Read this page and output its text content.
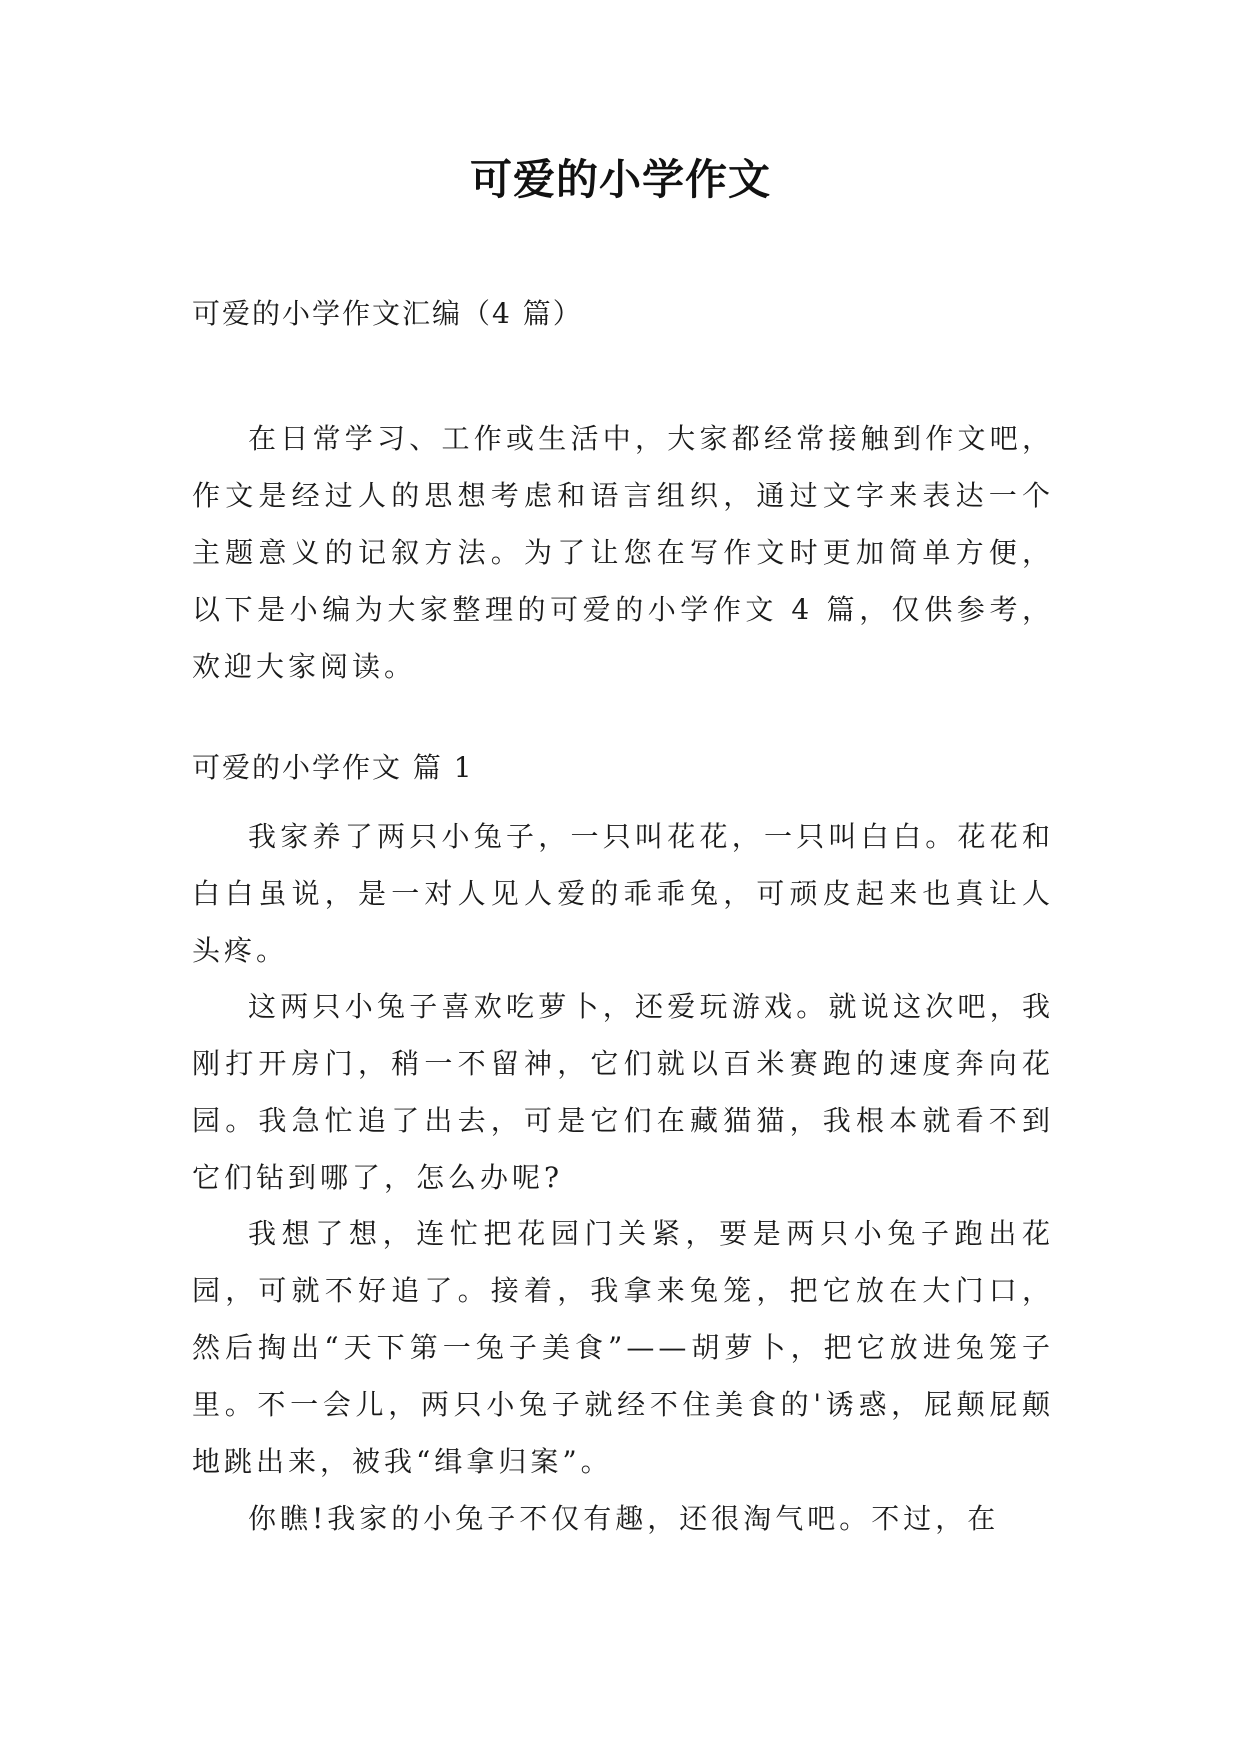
可爱的小学作文
可爱的小学作文汇编（4 篇）
在日常学习、工作或生活中，大家都经常接触到作文吧，作文是经过人的思想考虑和语言组织，通过文字来表达一个主题意义的记叙方法。为了让您在写作文时更加简单方便，以下是小编为大家整理的可爱的小学作文 4 篇，仅供参考，欢迎大家阅读。
可爱的小学作文 篇 1
我家养了两只小兔子，一只叫花花，一只叫白白。花花和白白虽说，是一对人见人爱的乖乖兔，可顽皮起来也真让人头疼。
这两只小兔子喜欢吃萝卜，还爱玩游戏。就说这次吧，我刚打开房门，稍一不留神，它们就以百米赛跑的速度奔向花园。我急忙追了出去，可是它们在藏猫猫，我根本就看不到它们钻到哪了，怎么办呢?
我想了想，连忙把花园门关紧，要是两只小兔子跑出花园，可就不好追了。接着，我拿来兔笼，把它放在大门口，然后掏出“天下第一兔子美食”——胡萝卜，把它放进兔笼子里。不一会儿，两只小兔子就经不住美食的'诱惑，屁颠屁颠地跳出来，被我“缉拿归案”。
你瞧!我家的小兔子不仅有趣，还很淘气吧。不过，在
